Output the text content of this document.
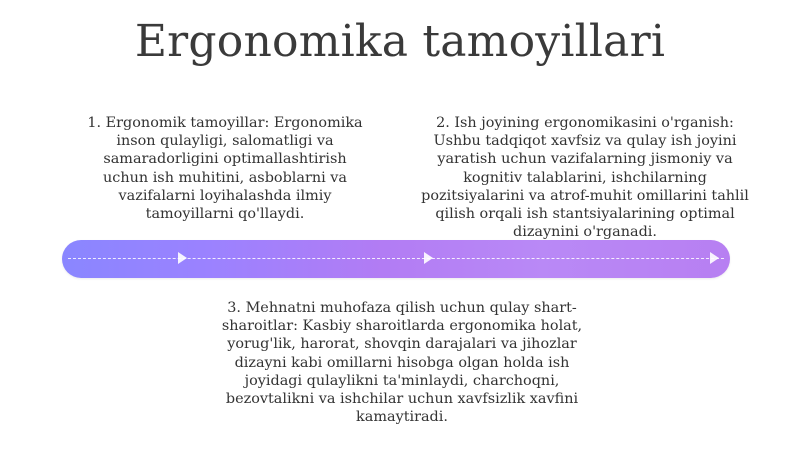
Ergonomika tamoyillari
1. Ergonomik tamoyillar: Ergonomika inson qulayligi, salomatligi va samaradorligini optimallashtirish uchun ish muhitini, asboblarni va vazifalarni loyihalashda ilmiy tamoyillarni qo'llaydi.
2. Ish joyining ergonomikasini o'rganish: Ushbu tadqiqot xavfsiz va qulay ish joyini yaratish uchun vazifalarning jismoniy va kognitiv talablarini, ishchilarning pozitsiyalarini va atrof-muhit omillarini tahlil qilish orqali ish stantsiyalarining optimal dizaynini o'rganadi.
3. Mehnatni muhofaza qilish uchun qulay shart-sharoitlar: Kasbiy sharoitlarda ergonomika holat, yorug'lik, harorat, shovqin darajalari va jihozlar dizayni kabi omillarni hisobga olgan holda ish joyidagi qulaylikni ta'minlaydi, charchoqni, bezovtalikni va ishchilar uchun xavfsizlik xavfini kamaytiradi.
